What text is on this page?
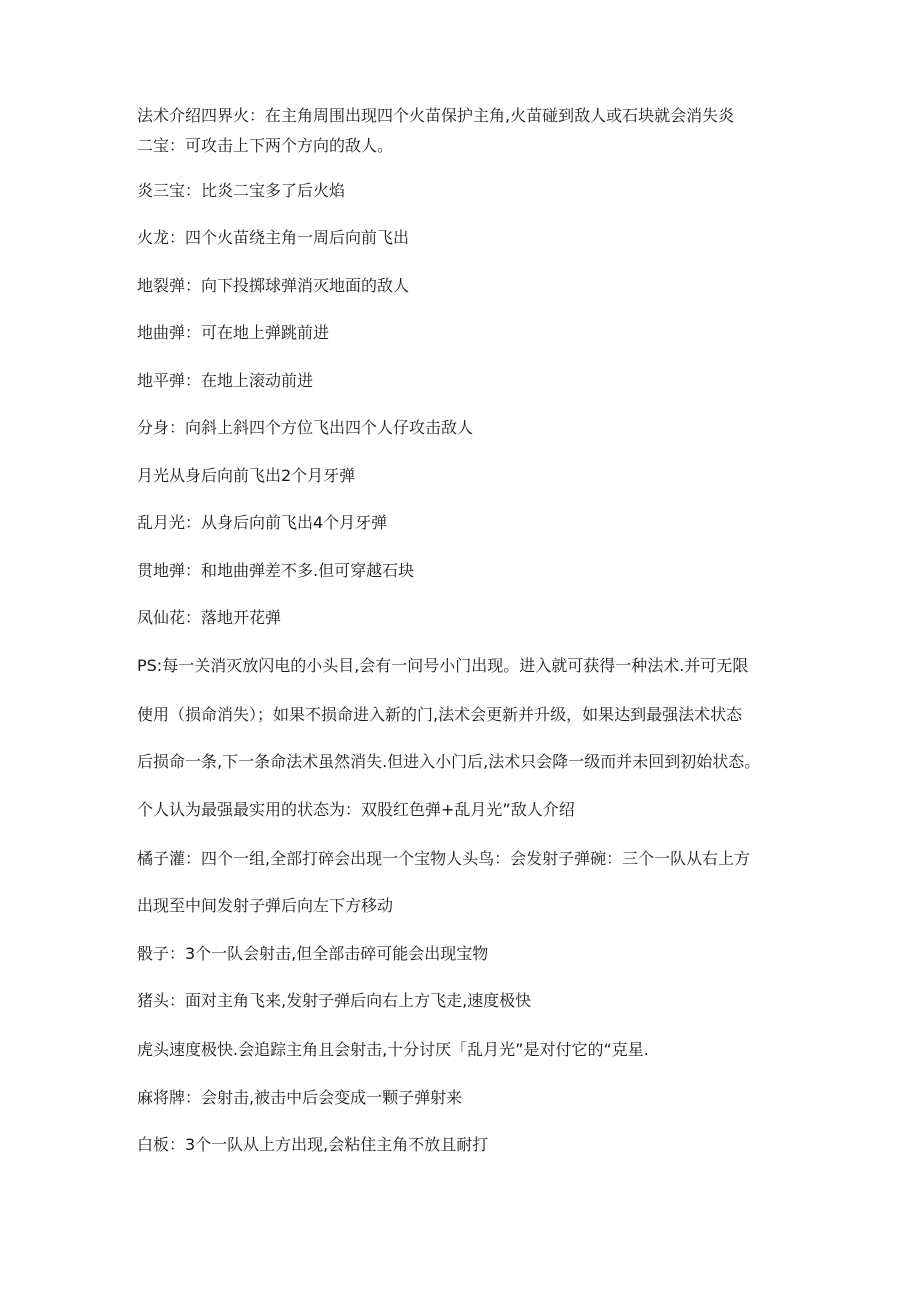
法术介绍四界火：在主角周围出现四个火苗保护主角,火苗碰到敌人或石块就会消失炎
二宝：可攻击上下两个方向的敌人。
炎三宝：比炎二宝多了后火焰
火龙：四个火苗绕主角一周后向前飞出
地裂弹：向下投掷球弹消灭地面的敌人
地曲弹：可在地上弹跳前进
地平弹：在地上滚动前进
分身：向斜上斜四个方位飞出四个人仔攻击敌人
月光从身后向前飞出2个月牙弹
乱月光：从身后向前飞出4个月牙弹
贯地弹：和地曲弹差不多.但可穿越石块
凤仙花：落地开花弹
PS:每一关消灭放闪电的小头目,会有一问号小门出现。进入就可获得一种法术.并可无限
使用（损命消失）；如果不损命进入新的门,法术会更新并升级，如果达到最强法术状态
后损命一条,下一条命法术虽然消失.但进入小门后,法术只会降一级而并未回到初始状态。
个人认为最强最实用的状态为：双股红色弹+乱月光”敌人介绍
橘子灌：四个一组,全部打碎会出现一个宝物人头鸟：会发射子弹碗：三个一队从右上方
出现至中间发射子弹后向左下方移动
骰子：3个一队会射击,但全部击碎可能会出现宝物
猪头：面对主角飞来,发射子弹后向右上方飞走,速度极快
虎头速度极快.会追踪主角且会射击,十分讨厌「乱月光”是对付它的“克星.
麻将牌：会射击,被击中后会变成一颗子弹射来
白板：3个一队从上方出现,会粘住主角不放且耐打
